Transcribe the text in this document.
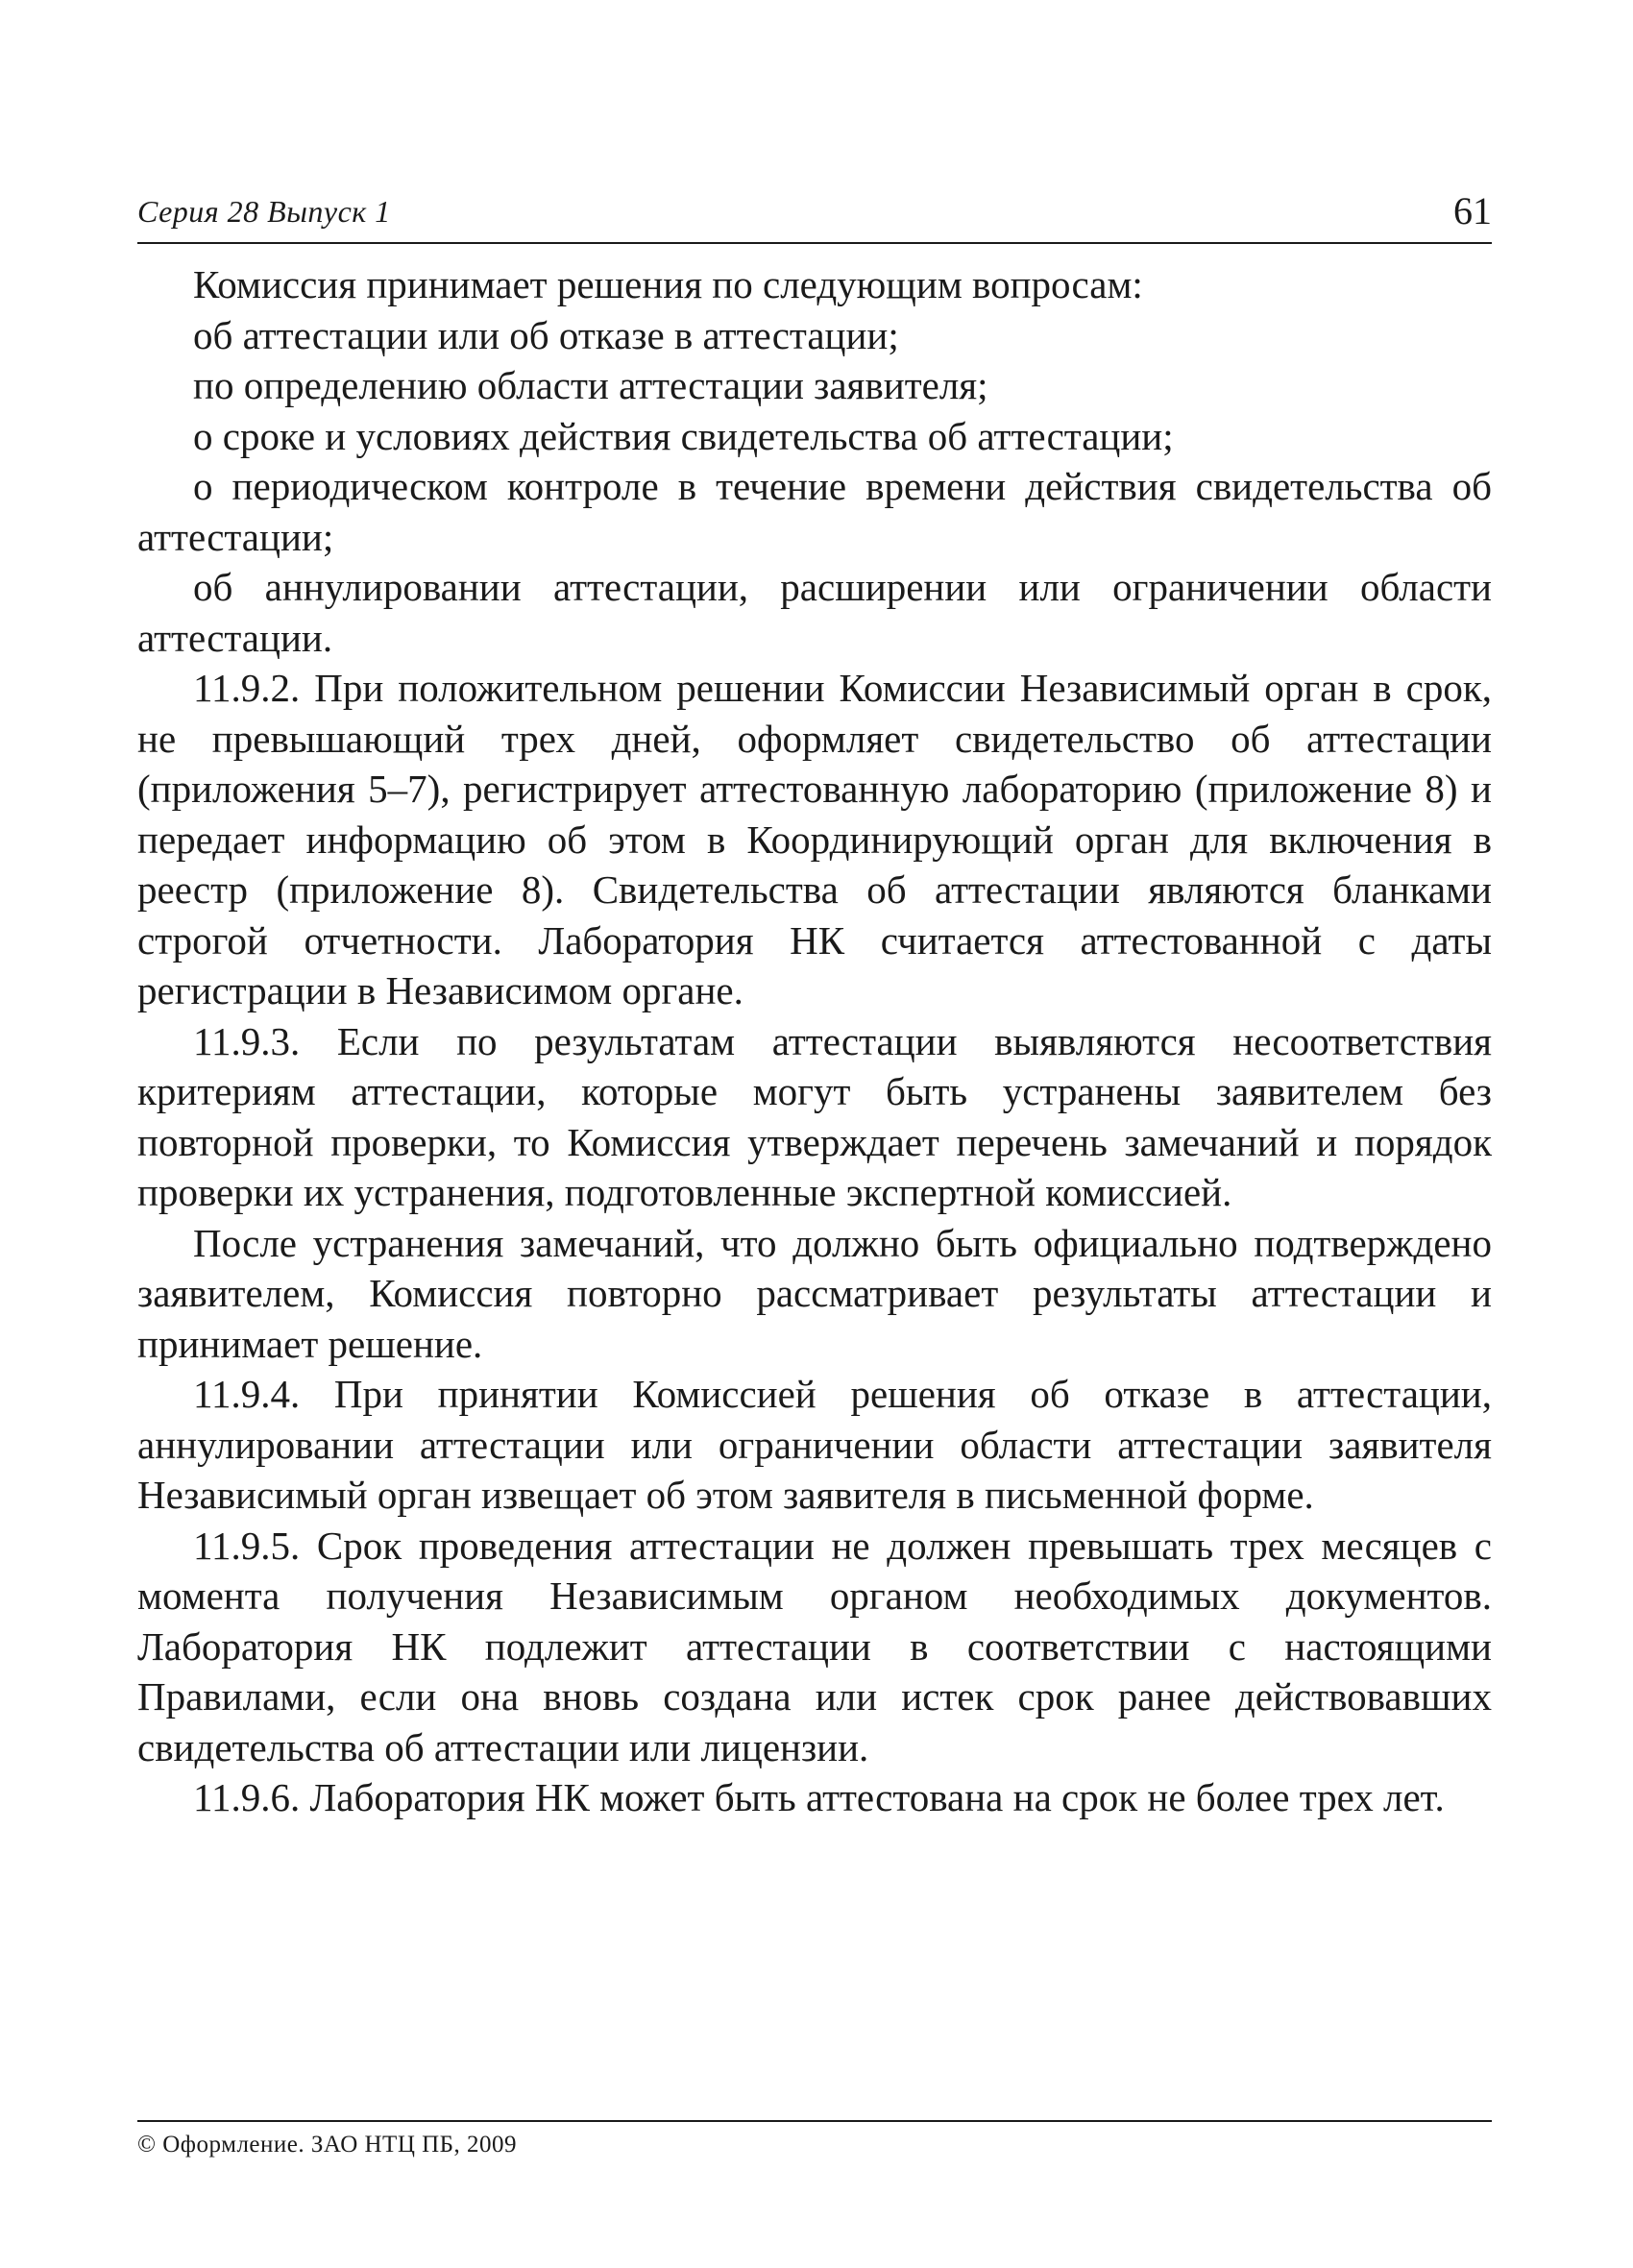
Серия 28 Выпуск 1	61

Комиссия принимает решения по следующим вопросам:

об аттестации или об отказе в аттестации;

по определению области аттестации заявителя;

о сроке и условиях действия свидетельства об аттестации;

о периодическом контроле в течение времени действия свидетельства об аттестации;

об аннулировании аттестации, расширении или ограничении области аттестации.

11.9.2. При положительном решении Комиссии Независимый орган в срок, не превышающий трех дней, оформляет свидетельство об аттестации (приложения 5–7), регистрирует аттестованную лабораторию (приложение 8) и передает информацию об этом в Координирующий орган для включения в реестр (приложение 8). Свидетельства об аттестации являются бланками строгой отчетности. Лаборатория НК считается аттестованной с даты регистрации в Независимом органе.

11.9.3. Если по результатам аттестации выявляются несоответствия критериям аттестации, которые могут быть устранены заявителем без повторной проверки, то Комиссия утверждает перечень замечаний и порядок проверки их устранения, подготовленные экспертной комиссией.

После устранения замечаний, что должно быть официально подтверждено заявителем, Комиссия повторно рассматривает результаты аттестации и принимает решение.

11.9.4. При принятии Комиссией решения об отказе в аттестации, аннулировании аттестации или ограничении области аттестации заявителя Независимый орган извещает об этом заявителя в письменной форме.

11.9.5. Срок проведения аттестации не должен превышать трех месяцев с момента получения Независимым органом необходимых документов. Лаборатория НК подлежит аттестации в соответствии с настоящими Правилами, если она вновь создана или истек срок ранее действовавших свидетельства об аттестации или лицензии.

11.9.6. Лаборатория НК может быть аттестована на срок не более трех лет.

© Оформление. ЗАО НТЦ ПБ, 2009
